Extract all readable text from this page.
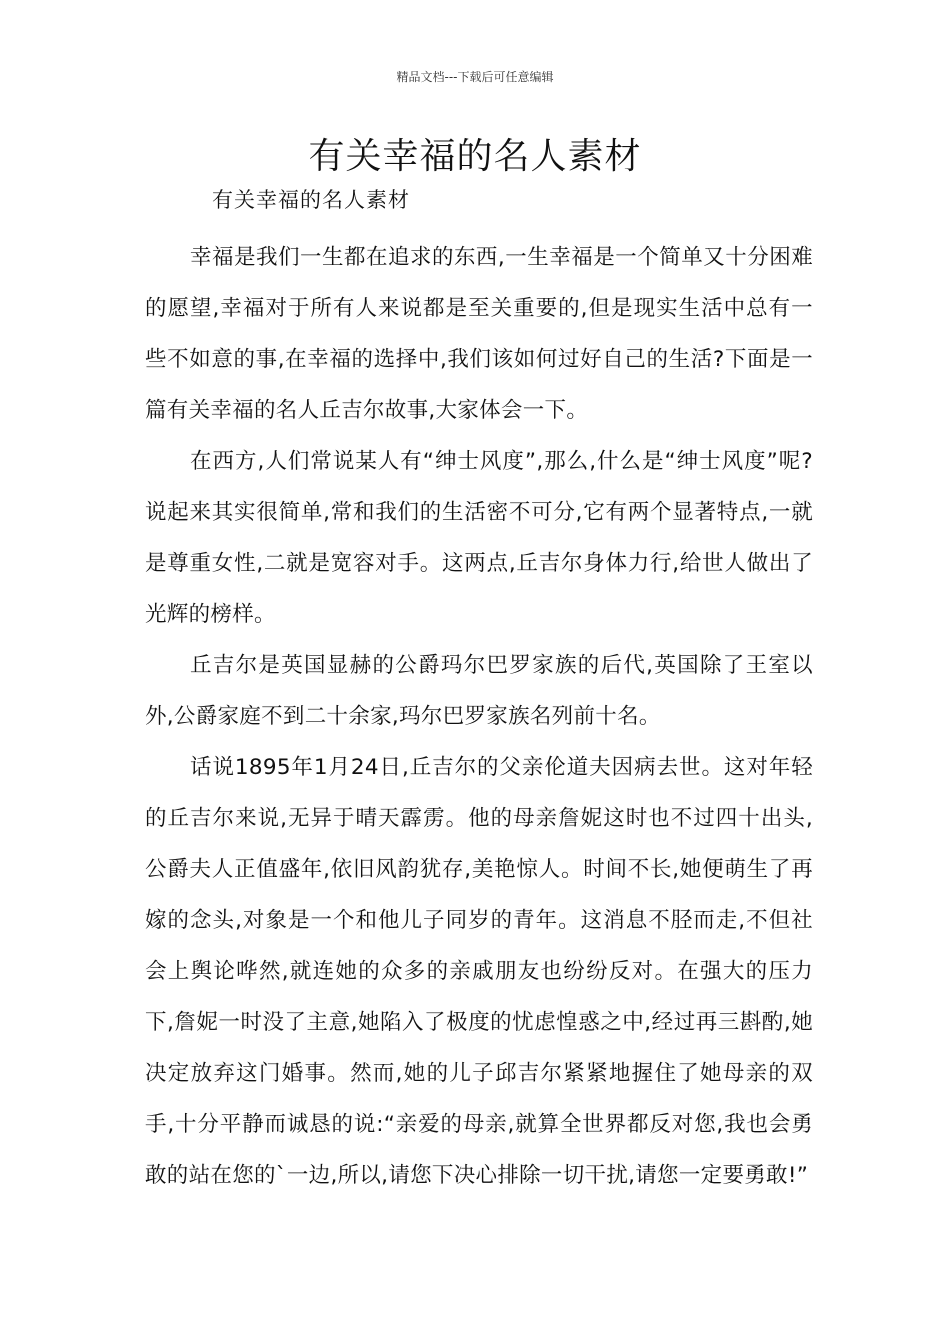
精品文档---下载后可任意编辑
有关幸福的名人素材
有关幸福的名人素材

幸福是我们一生都在追求的东西,一生幸福是一个简单又十分困难的愿望,幸福对于所有人来说都是至关重要的,但是现实生活中总有一些不如意的事,在幸福的选择中,我们该如何过好自己的生活?下面是一篇有关幸福的名人丘吉尔故事,大家体会一下。

在西方,人们常说某人有“绅士风度”,那么,什么是“绅士风度”呢?说起来其实很简单,常和我们的生活密不可分,它有两个显著特点,一就是尊重女性,二就是宽容对手。这两点,丘吉尔身体力行,给世人做出了光辉的榜样。

丘吉尔是英国显赫的公爵玛尔巴罗家族的后代,英国除了王室以外,公爵家庭不到二十余家,玛尔巴罗家族名列前十名。

话说1895年1月24日,丘吉尔的父亲伦道夫因病去世。这对年轻的丘吉尔来说,无异于晴天霹雳。他的母亲詹妮这时也不过四十出头,公爵夫人正值盛年,依旧风韵犹存,美艳惊人。时间不长,她便萌生了再嫁的念头,对象是一个和他儿子同岁的青年。这消息不胫而走,不但社会上舆论哗然,就连她的众多的亲戚朋友也纷纷反对。在强大的压力下,詹妮一时没了主意,她陷入了极度的忧虑惶惑之中,经过再三斟酌,她决定放弃这门婚事。然而,她的儿子邱吉尔紧紧地握住了她母亲的双手,十分平静而诚恳的说:“亲爱的母亲,就算全世界都反对您,我也会勇敢的站在您的`一边,所以,请您下决心排除一切干扰,请您一定要勇敢!”
